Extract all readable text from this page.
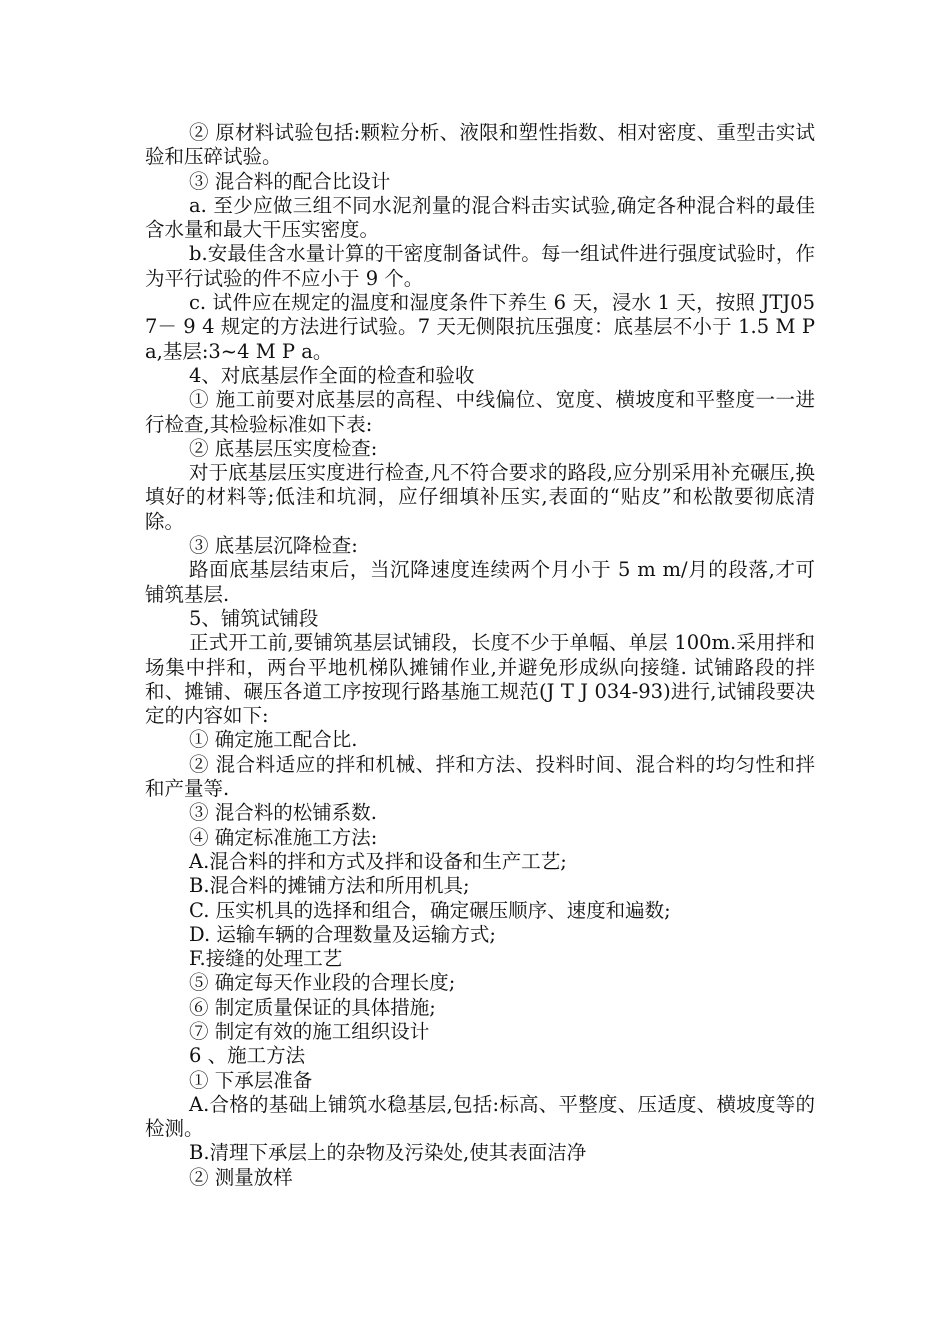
② 原材料试验包括:颗粒分析、液限和塑性指数、相对密度、重型击实试验和压碎试验。

③ 混合料的配合比设计

a. 至少应做三组不同水泥剂量的混合料击实试验,确定各种混合料的最佳含水量和最大干压实密度。

b.安最佳含水量计算的干密度制备试件。每一组试件进行强度试验时，作为平行试验的件不应小于 9 个。

c. 试件应在规定的温度和湿度条件下养生 6 天，浸水 1 天，按照 JTJ057－ 9 4 规定的方法进行试验。7 天无侧限抗压强度：底基层不小于 1.5 M Pa,基层:3~4 M P a。

4、对底基层作全面的检查和验收

① 施工前要对底基层的高程、中线偏位、宽度、横坡度和平整度一一进行检查,其检验标准如下表:

② 底基层压实度检查:

对于底基层压实度进行检查,凡不符合要求的路段,应分别采用补充碾压,换填好的材料等;低洼和坑洞，应仔细填补压实,表面的“贴皮”和松散要彻底清除。

③ 底基层沉降检查:

路面底基层结束后，当沉降速度连续两个月小于 5 m m/月的段落,才可铺筑基层.

5、铺筑试铺段

正式开工前,要铺筑基层试铺段，长度不少于单幅、单层 100m.采用拌和场集中拌和，两台平地机梯队摊铺作业,并避免形成纵向接缝. 试铺路段的拌和、摊铺、碾压各道工序按现行路基施工规范(J T J 034-93)进行,试铺段要决定的内容如下:

① 确定施工配合比.

② 混合料适应的拌和机械、拌和方法、投料时间、混合料的均匀性和拌和产量等.

③ 混合料的松铺系数.

④ 确定标准施工方法:

A.混合料的拌和方式及拌和设备和生产工艺;

B.混合料的摊铺方法和所用机具;

C. 压实机具的选择和组合，确定碾压顺序、速度和遍数;

D. 运输车辆的合理数量及运输方式;

F.接缝的处理工艺

⑤ 确定每天作业段的合理长度;

⑥ 制定质量保证的具体措施;

⑦ 制定有效的施工组织设计

6 、施工方法

① 下承层准备

A.合格的基础上铺筑水稳基层,包括:标高、平整度、压适度、横坡度等的检测。

B.清理下承层上的杂物及污染处,使其表面洁净

② 测量放样
